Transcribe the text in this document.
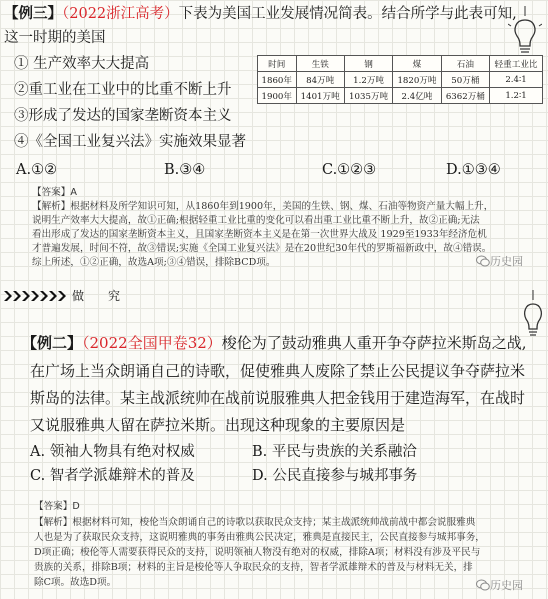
【例三】（2022浙江高考）下表为美国工业发展情况简表。结合所学与此表可知,
这一时期的美国
① 生产效率大大提高
②重工业在工业中的比重不断上升
③形成了发达的国家垄断资本主义
④《全国工业复兴法》实施效果显著
时间	生铁	钢	煤	石油	轻重工业比
1860年	84万吨	1.2万吨	1820万吨	50万桶	2.4∶1
1900年	1401万吨	1035万吨	2.4亿吨	6362万桶	1.2∶1
A.①②	B.③④	C.①②③	D.①③④
【答案】A
【解析】根据材料及所学知识可知，从1860年到1900年，美国的生铁、钢、煤、石油等物资产量大幅上升，
说明生产效率大大提高，故①正确;根据轻重工业比重的变化可以看出重工业比重不断上升，故②正确;无法
看出形成了发达的国家垄断资本主义，且国家垄断资本主义是在第一次世界大战及 1929至1933年经济危机
才普遍发展，时间不符，故③错误;实施《全国工业复兴法》是在20世纪30年代的罗斯福新政中，故④错误。
综上所述，①②正确，故选A项;③④错误，排除BCD项。	历史园
做　　究
【例二】（2022全国甲卷32）梭伦为了鼓动雅典人重开争夺萨拉米斯岛之战,
在广场上当众朗诵自己的诗歌，促使雅典人废除了禁止公民提议争夺萨拉米
斯岛的法律。某主战派统帅在战前说服雅典人把金钱用于建造海军，在战时
又说服雅典人留在萨拉米斯。出现这种现象的主要原因是
A. 领袖人物具有绝对权威	B. 平民与贵族的关系融洽
C. 智者学派雄辩术的普及	D. 公民直接参与城邦事务
【答案】D
【解析】根据材料可知，梭伦当众朗诵自己的诗歌以获取民众支持；某主战派统帅战前战中都会说服雅典
人也是为了获取民众支持，这说明雅典的事务由雅典公民决定，雅典是直接民主，公民直接参与城邦事务，
D项正确；梭伦等人需要获得民众的支持，说明领袖人物没有绝对的权威，排除A项；材料没有涉及平民与
贵族的关系，排除B项；材料的主旨是梭伦等人争取民众的支持，智者学派雄辩术的普及与材料无关，排
除C项。故选D项。	历史园
